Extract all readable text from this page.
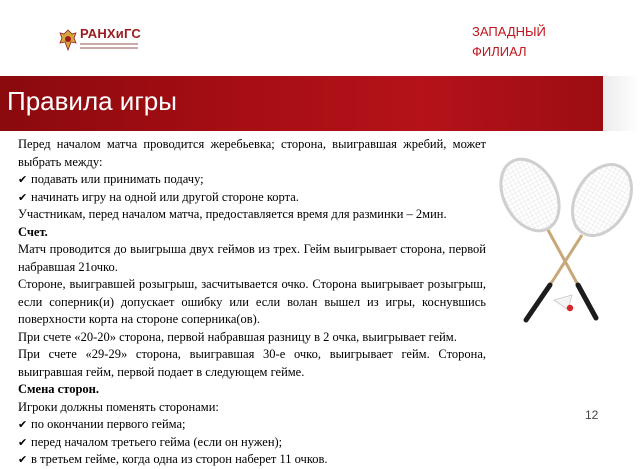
РАНХиГС	ЗАПАДНЫЙ
ФИЛИАЛ
Правила игры

Перед началом матча проводится жеребьевка; сторона, выигравшая жребий, может выбрать между:

✔ подавать или принимать подачу;
✔ начинать игру на одной или другой стороне корта.

Участникам, перед началом матча, предоставляется время для разминки – 2мин.

Счет.

Матч проводится до выигрыша двух геймов из трех. Гейм выигрывает сторона, первой набравшая 21очко.

Стороне, выигравшей розыгрыш, засчитывается очко. Сторона выигрывает розыгрыш, если соперник(и) допускает ошибку или если волан вышел из игры, коснувшись поверхности корта на стороне соперника(ов).

При счете «20-20» сторона, первой набравшая разницу в 2 очка, выигрывает гейм.

При счете «29-29» сторона, выигравшая 30-е очко, выигрывает гейм. Сторона, выигравшая гейм, первой подает в следующем гейме.

Смена сторон.

Игроки должны поменять сторонами:

✔ по окончании первого гейма;
✔ перед началом третьего гейма (если он нужен);
✔ в третьем гейме, когда одна из сторон наберет 11 очков.
12
